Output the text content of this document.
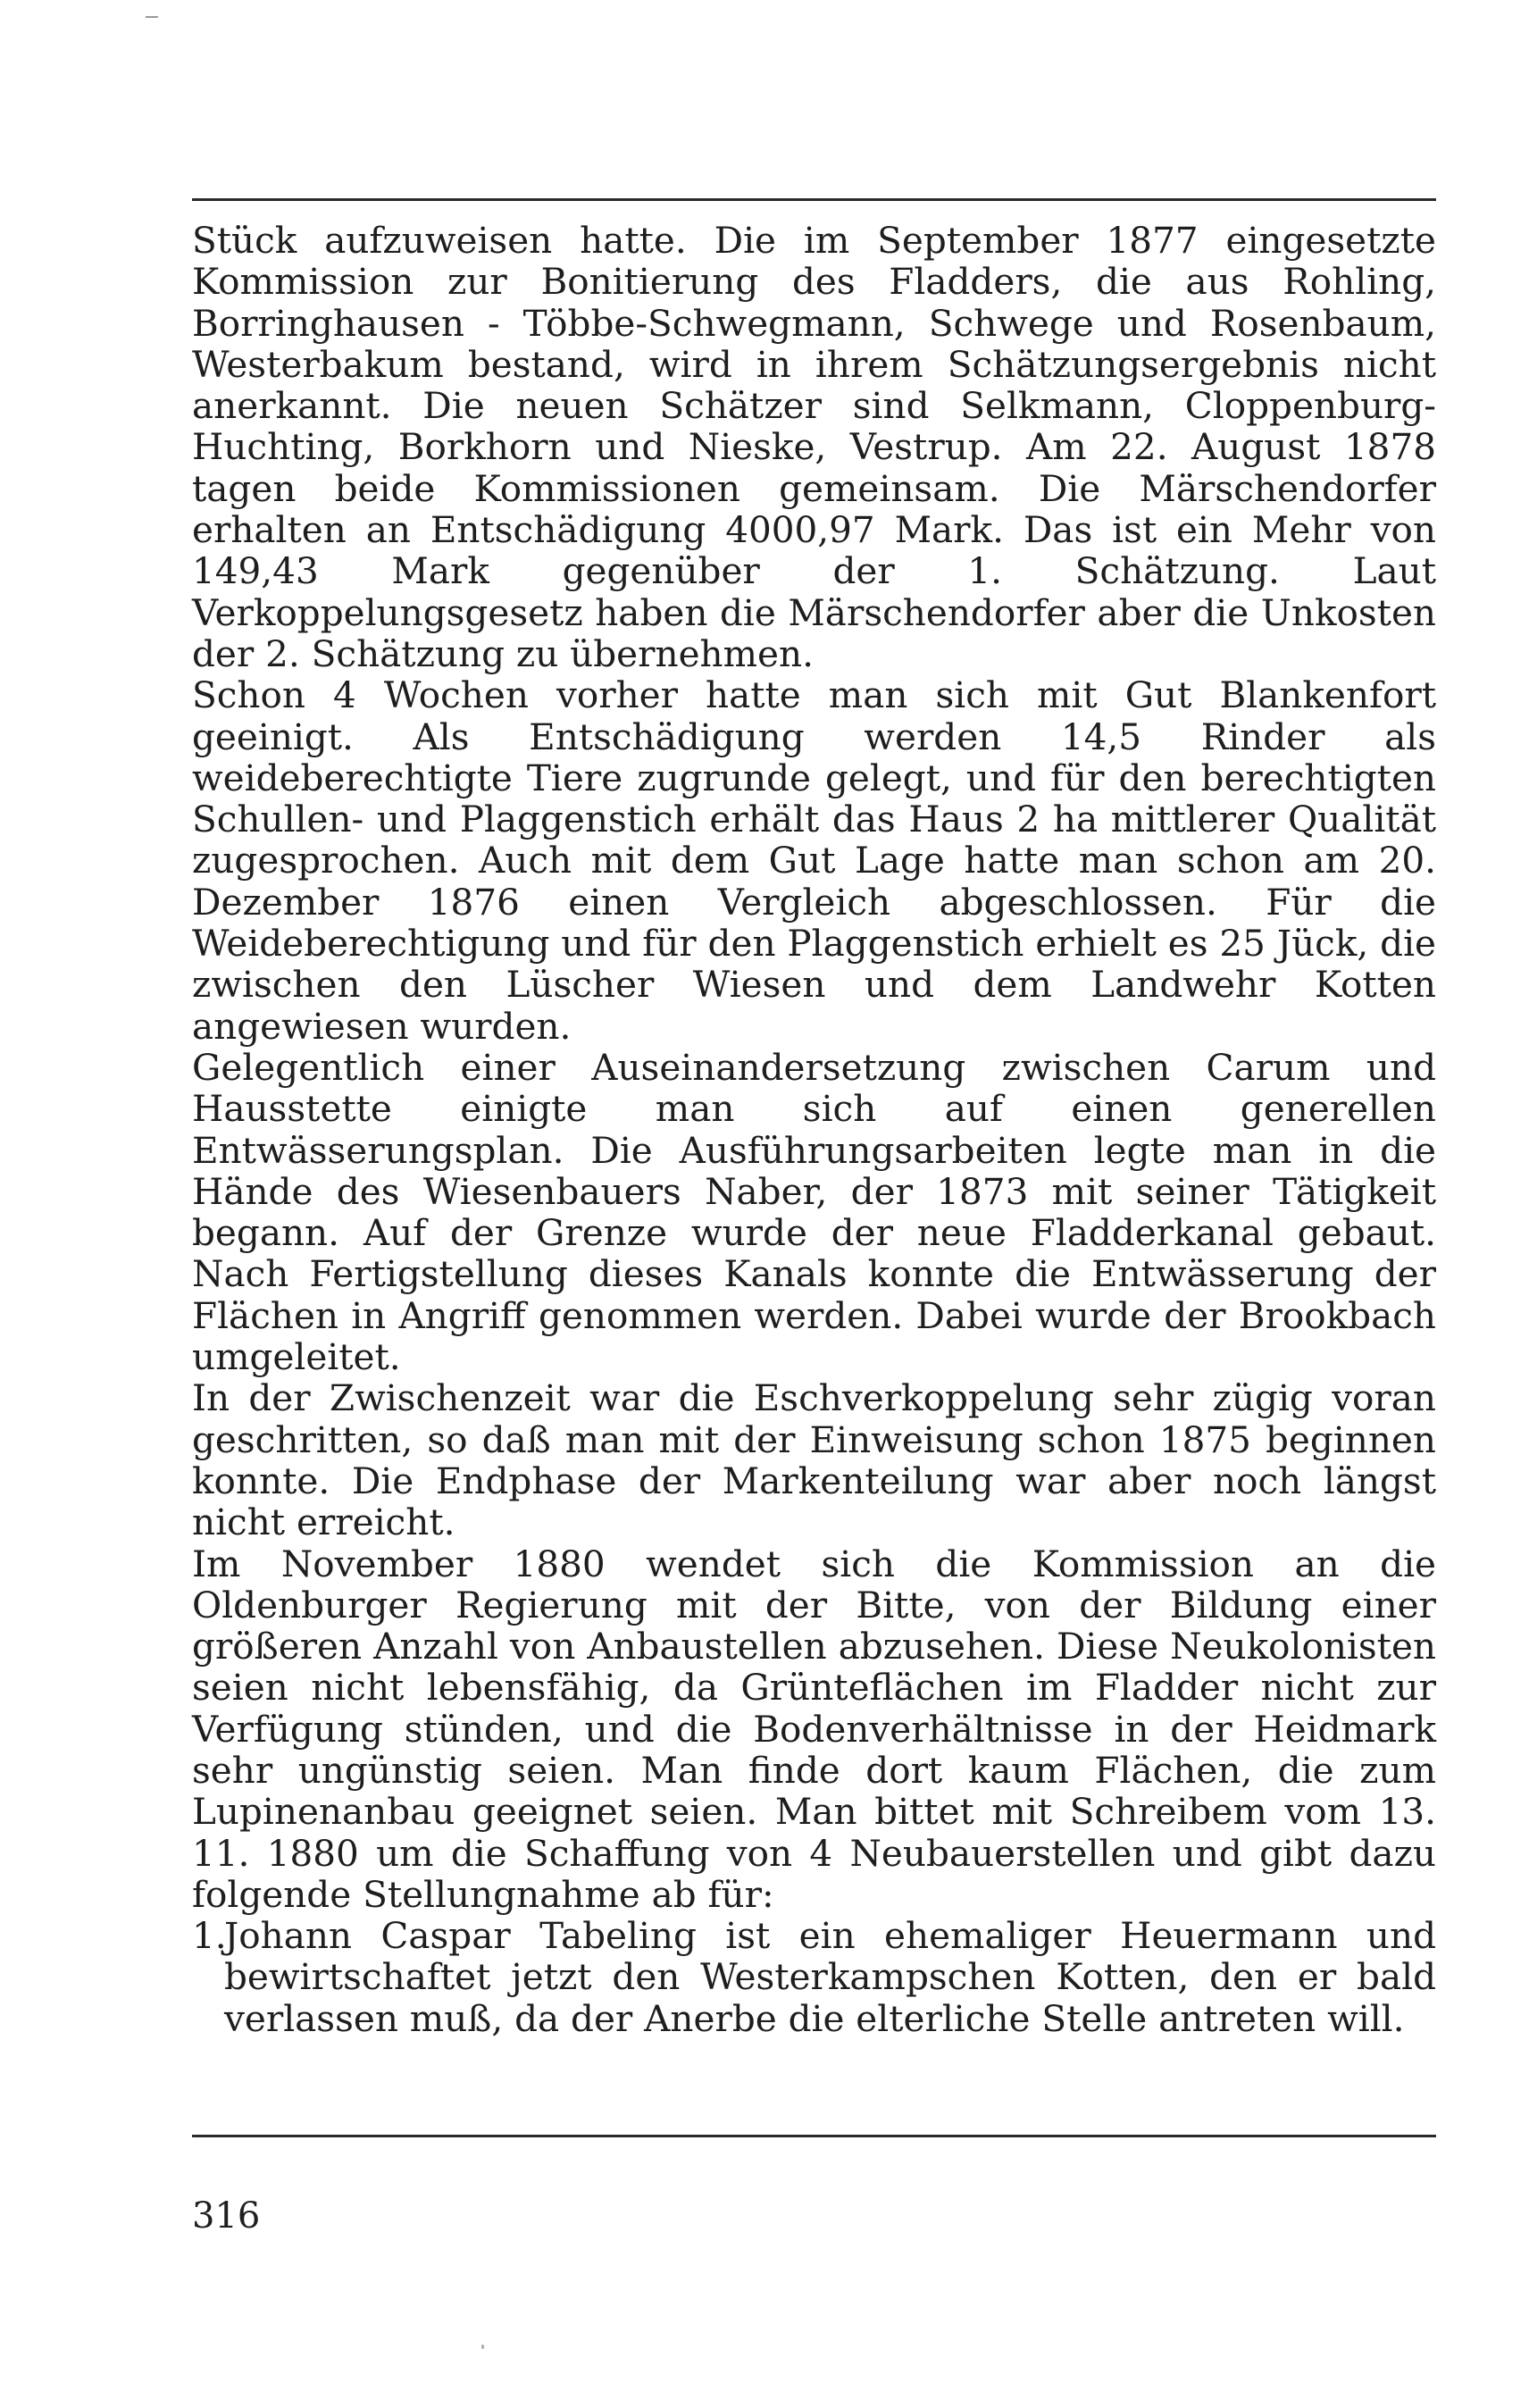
Stück aufzuweisen hatte. Die im September 1877 eingesetzte Kommission zur Bonitierung des Fladders, die aus Rohling, Borringhausen - Többe-Schwegmann, Schwege und Rosenbaum, Westerbakum bestand, wird in ihrem Schätzungsergebnis nicht anerkannt. Die neuen Schätzer sind Selkmann, Cloppenburg-Huchting, Borkhorn und Nieske, Vestrup. Am 22. August 1878 tagen beide Kommissionen gemeinsam. Die Märschendorfer erhalten an Entschädigung 4000,97 Mark. Das ist ein Mehr von 149,43 Mark gegenüber der 1. Schätzung. Laut Verkoppelungsgesetz haben die Märschendorfer aber die Unkosten der 2. Schätzung zu übernehmen.

Schon 4 Wochen vorher hatte man sich mit Gut Blankenfort geeinigt. Als Entschädigung werden 14,5 Rinder als weideberechtigte Tiere zugrunde gelegt, und für den berechtigten Schullen- und Plaggenstich erhält das Haus 2 ha mittlerer Qualität zugesprochen. Auch mit dem Gut Lage hatte man schon am 20. Dezember 1876 einen Vergleich abgeschlossen. Für die Weideberechtigung und für den Plaggenstich erhielt es 25 Jück, die zwischen den Lüscher Wiesen und dem Landwehr Kotten angewiesen wurden.

Gelegentlich einer Auseinandersetzung zwischen Carum und Hausstette einigte man sich auf einen generellen Entwässerungsplan. Die Ausführungsarbeiten legte man in die Hände des Wiesenbauers Naber, der 1873 mit seiner Tätigkeit begann. Auf der Grenze wurde der neue Fladderkanal gebaut. Nach Fertigstellung dieses Kanals konnte die Entwässerung der Flächen in Angriff genommen werden. Dabei wurde der Brookbach umgeleitet.

In der Zwischenzeit war die Eschverkoppelung sehr zügig voran geschritten, so daß man mit der Einweisung schon 1875 beginnen konnte. Die Endphase der Markenteilung war aber noch längst nicht erreicht.

Im November 1880 wendet sich die Kommission an die Oldenburger Regierung mit der Bitte, von der Bildung einer größeren Anzahl von Anbaustellen abzusehen. Diese Neukolonisten seien nicht lebensfähig, da Grünteflächen im Fladder nicht zur Verfügung stünden, und die Bodenverhältnisse in der Heidmark sehr ungünstig seien. Man finde dort kaum Flächen, die zum Lupinenanbau geeignet seien. Man bittet mit Schreibem vom 13. 11. 1880 um die Schaffung von 4 Neubauerstellen und gibt dazu folgende Stellungnahme ab für:

1.
Johann Caspar Tabeling ist ein ehemaliger Heuermann und bewirtschaftet jetzt den Westerkampschen Kotten, den er bald verlassen muß, da der Anerbe die elterliche Stelle antreten will.
316
